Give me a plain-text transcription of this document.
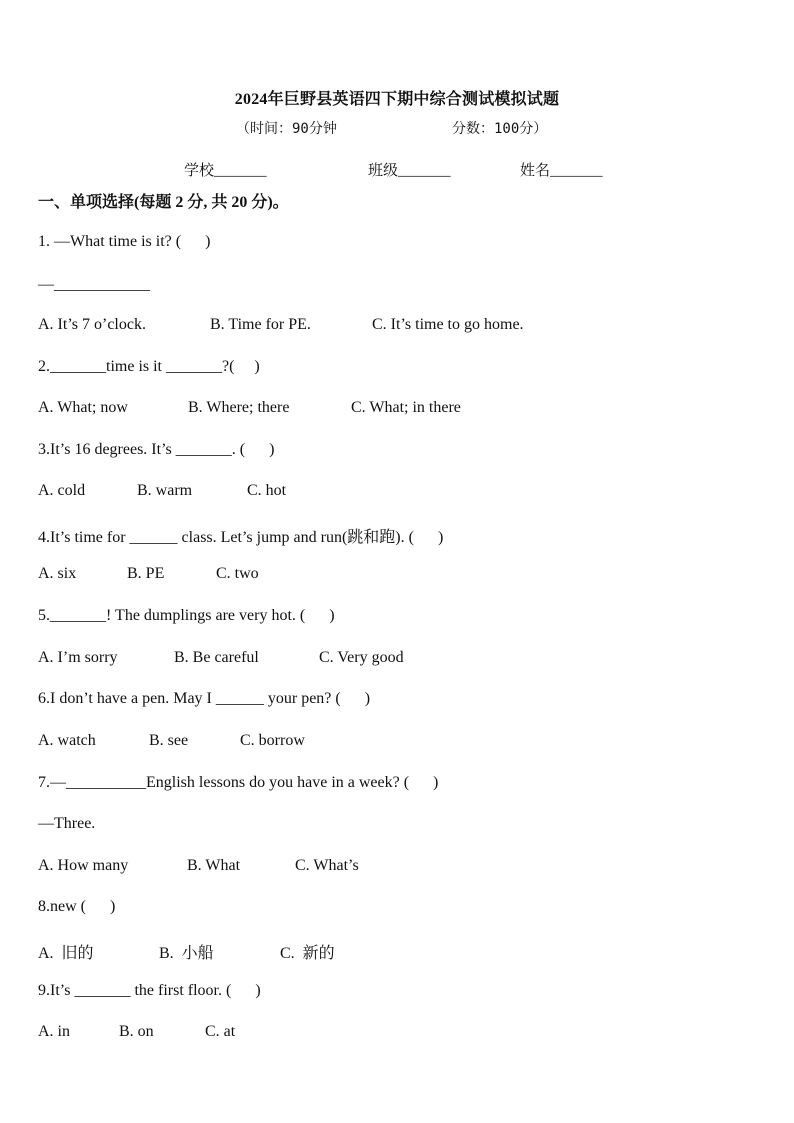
2024年巨野县英语四下期中综合测试模拟试题
（时间：90分钟	分数：100分）
学校_______	班级_______	姓名_______
一、单项选择(每题 2 分, 共 20 分)。
1. —What time is it? (      )
—____________
A. It’s 7 o’clock.	B. Time for PE.	C. It’s time to go home.
2._______time is it _______?(     )
A. What; now	B. Where; there	C. What; in there
3.It’s 16 degrees. It’s _______. (      )
A. cold	B. warm	C. hot
4.It’s time for ______ class. Let’s jump and run(跳和跑). (      )
A. six	B. PE	C. two
5._______! The dumplings are very hot. (      )
A. I’m sorry	B. Be careful	C. Very good
6.I don’t have a pen. May I ______ your pen? (      )
A. watch	B. see	C. borrow
7.—__________English lessons do you have in a week? (      )
—Three.
A. How many	B. What	C. What’s
8.new (      )
A.  旧的	B.  小船	C.  新的
9.It’s _______ the first floor. (      )
A. in	B. on	C. at
